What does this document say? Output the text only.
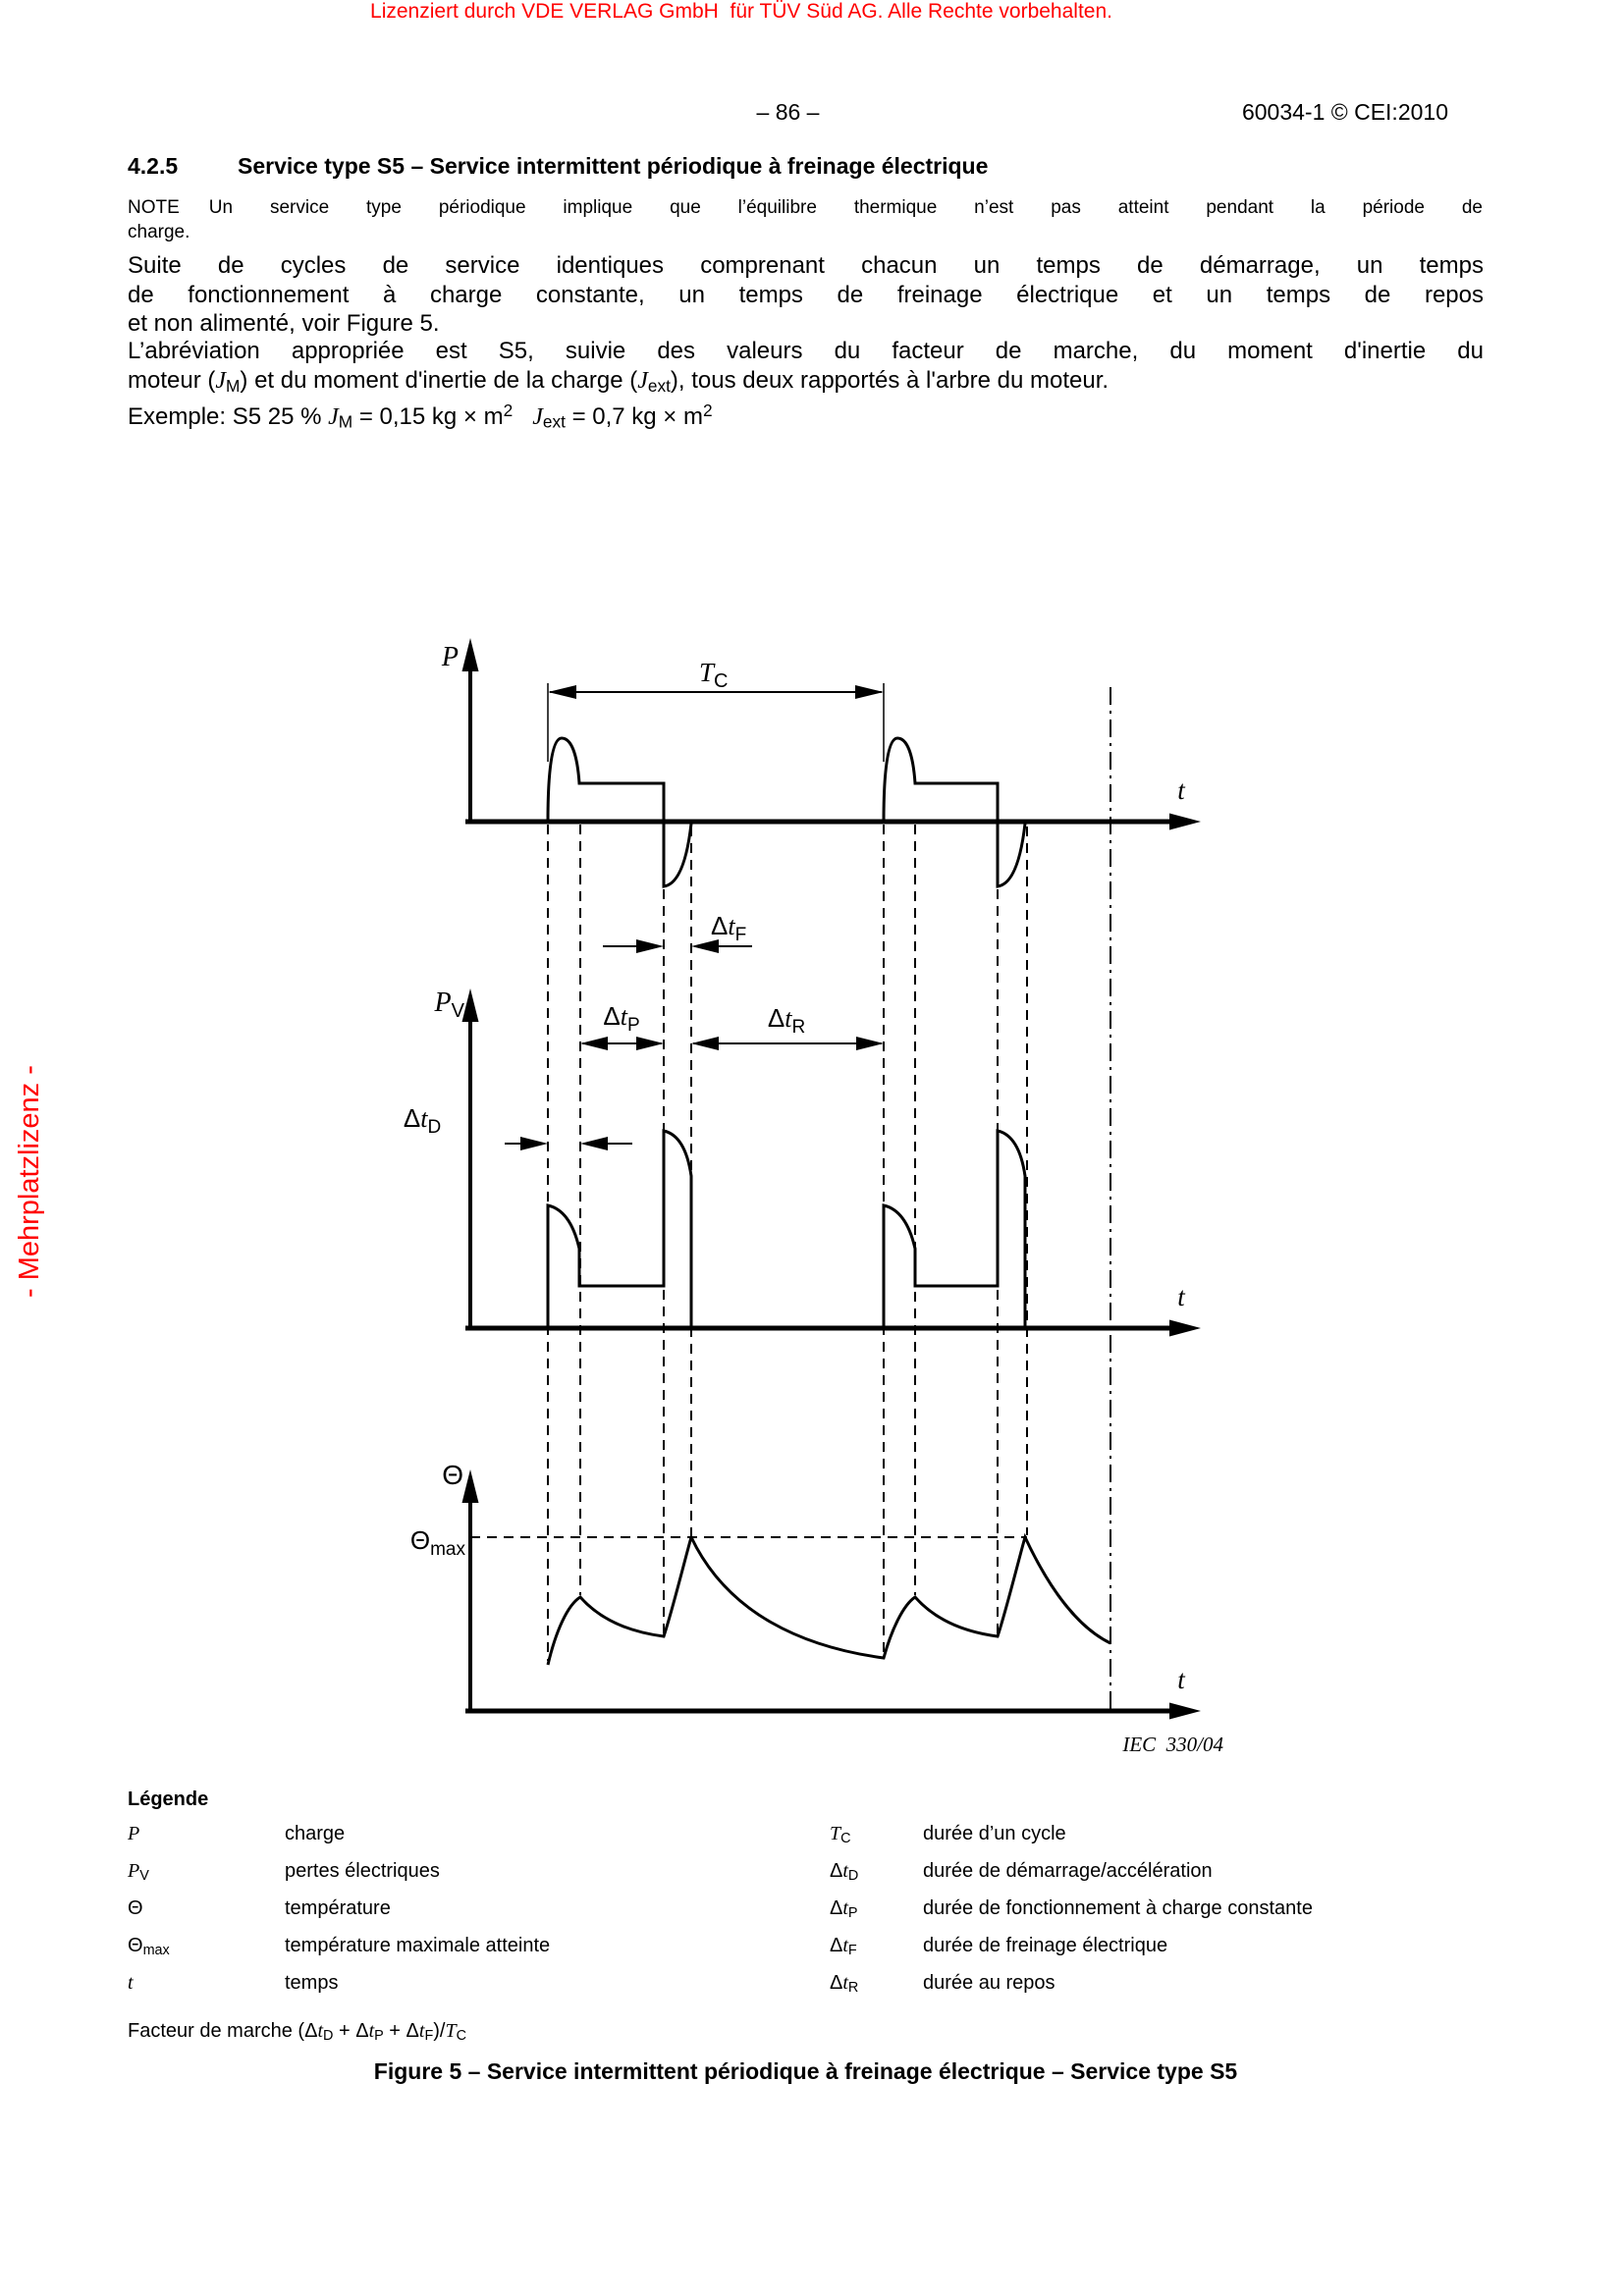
Lizenziert durch VDE VERLAG GmbH  für TÜV Süd AG. Alle Rechte vorbehalten.
- Mehrplatzlizenz -
– 86 –	60034-1 © CEI:2010
4.2.5	Service type S5 – Service intermittent périodique à freinage électrique
NOTE Un service type périodique implique que l’équilibre thermique n’est pas atteint pendant la période de
charge.
Suite de cycles de service identiques comprenant chacun un temps de démarrage, un temps
de fonctionnement à charge constante, un temps de freinage électrique et un temps de repos
et non alimenté, voir Figure 5.
L’abréviation appropriée est S5, suivie des valeurs du facteur de marche, du moment d'inertie du
moteur (JM) et du moment d'inertie de la charge (Jext), tous deux rapportés à l'arbre du moteur.
Exemple: S5 25 % JM = 0,15 kg × $m^2$ Jext = 0,7 kg × $m^2$
P
t
$T_C$
$\Delta t_F$
$P_V$
t
$\Delta t_P$	$\Delta t_R$
$\Delta t_D$
Θ
t
$\Theta_{max}$
IEC  330/04
Légende
P	charge	TC	durée d’un cycle
PV	pertes électriques	ΔtD	durée de démarrage/accélération
Θ	température	ΔtP	durée de fonctionnement à charge constante
Θmax	température maximale atteinte	ΔtF	durée de freinage électrique
t	temps	ΔtR	durée au repos
Facteur de marche (ΔtD + ΔtP + ΔtF)/TC
Figure 5 – Service intermittent périodique à freinage électrique – Service type S5
